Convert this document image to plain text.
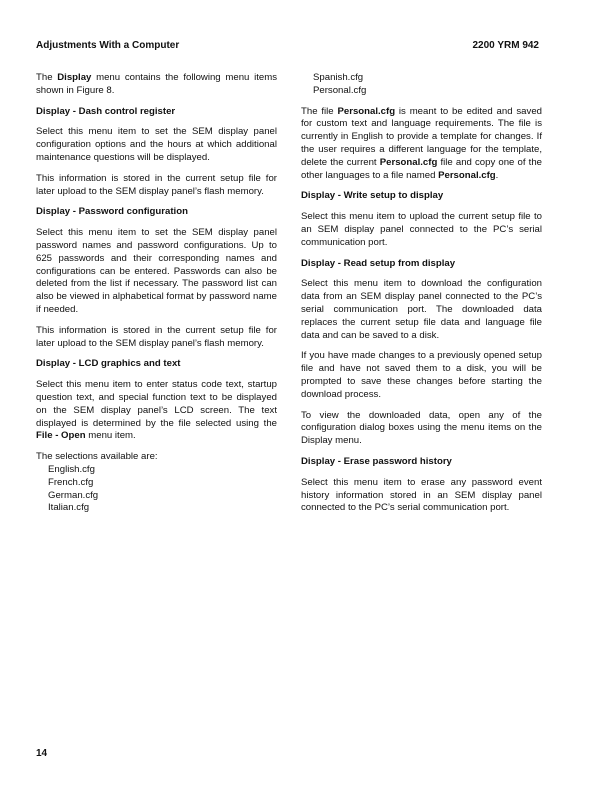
Adjustments With a Computer	2200 YRM 942

The Display menu contains the following menu items shown in Figure 8.

Display - Dash control register

Select this menu item to set the SEM display panel configuration options and the hours at which additional maintenance questions will be displayed.

This information is stored in the current setup file for later upload to the SEM display panel’s flash memory.

Display - Password configuration

Select this menu item to set the SEM display panel password names and password configurations. Up to 625 passwords and their corresponding names and configurations can be entered. Passwords can also be deleted from the list if necessary. The password list can also be viewed in alphabetical format by password name if needed.

This information is stored in the current setup file for later upload to the SEM display panel’s flash memory.

Display - LCD graphics and text

Select this menu item to enter status code text, startup question text, and special function text to be displayed on the SEM display panel’s LCD screen. The text displayed is determined by the file selected using the File - Open menu item.

The selections available are:
English.cfg
French.cfg
German.cfg
Italian.cfg
Spanish.cfg
Personal.cfg

The file Personal.cfg is meant to be edited and saved for custom text and language requirements. The file is currently in English to provide a template for changes. If the user requires a different language for the template, delete the current Personal.cfg file and copy one of the other languages to a file named Personal.cfg.

Display - Write setup to display

Select this menu item to upload the current setup file to an SEM display panel connected to the PC’s serial communication port.

Display - Read setup from display

Select this menu item to download the configuration data from an SEM display panel connected to the PC’s serial communication port. The downloaded data replaces the current setup file data and language file data and can be saved to a disk.

If you have made changes to a previously opened setup file and have not saved them to a disk, you will be prompted to save these changes before starting the download process.

To view the downloaded data, open any of the configuration dialog boxes using the menu items on the Display menu.

Display - Erase password history

Select this menu item to erase any password event history information stored in an SEM display panel connected to the PC’s serial communication port.

14
